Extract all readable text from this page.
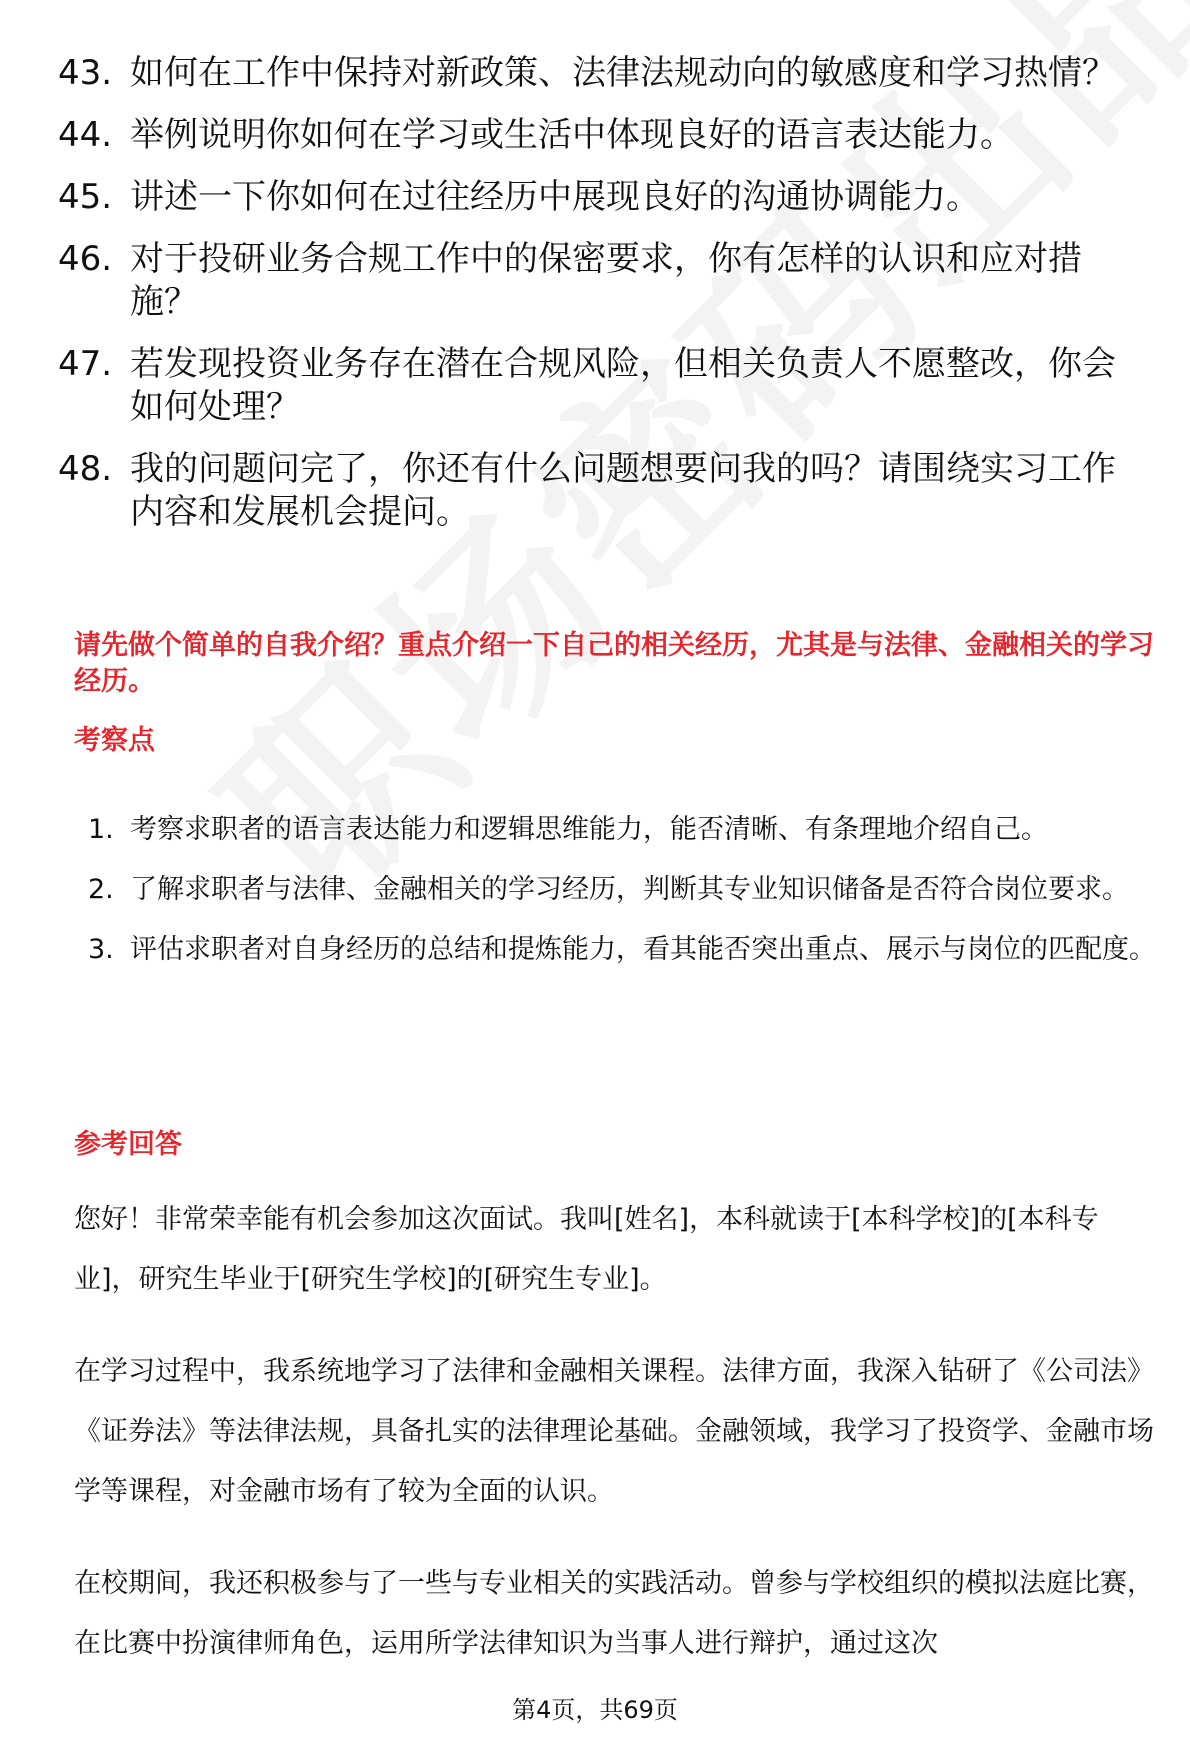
43. 如何在工作中保持对新政策、法律法规动向的敏感度和学习热情？
44. 举例说明你如何在学习或生活中体现良好的语言表达能力。
45. 讲述一下你如何在过往经历中展现良好的沟通协调能力。
46. 对于投研业务合规工作中的保密要求，你有怎样的认识和应对措施？
47. 若发现投资业务存在潜在合规风险，但相关负责人不愿整改，你会如何处理？
48. 我的问题问完了，你还有什么问题想要问我的吗？请围绕实习工作内容和发展机会提问。
请先做个简单的自我介绍？重点介绍一下自己的相关经历，尤其是与法律、金融相关的学习经历。
考察点
1. 考察求职者的语言表达能力和逻辑思维能力，能否清晰、有条理地介绍自己。
2. 了解求职者与法律、金融相关的学习经历，判断其专业知识储备是否符合岗位要求。
3. 评估求职者对自身经历的总结和提炼能力，看其能否突出重点、展示与岗位的匹配度。
参考回答
您好！非常荣幸能有机会参加这次面试。我叫[姓名]，本科就读于[本科学校]的[本科专业]，研究生毕业于[研究生学校]的[研究生专业]。
在学习过程中，我系统地学习了法律和金融相关课程。法律方面，我深入钻研了《公司法》《证券法》等法律法规，具备扎实的法律理论基础。金融领域，我学习了投资学、金融市场学等课程，对金融市场有了较为全面的认识。
在校期间，我还积极参与了一些与专业相关的实践活动。曾参与学校组织的模拟法庭比赛，在比赛中扮演律师角色，运用所学法律知识为当事人进行辩护，通过这次
第4页，共69页
